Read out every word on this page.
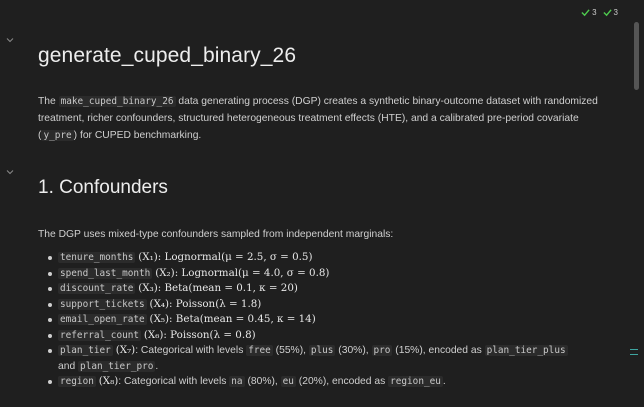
3 3
generate_cuped_binary_26
The make_cuped_binary_26 data generating process (DGP) creates a synthetic binary-outcome dataset with randomized treatment, richer confounders, structured heterogeneous treatment effects (HTE), and a calibrated pre-period covariate ( y_pre ) for CUPED benchmarking.
1. Confounders
The DGP uses mixed-type confounders sampled from independent marginals:
tenure_months (X₁): Lognormal(μ = 2.5, σ = 0.5)
spend_last_month (X₂): Lognormal(μ = 4.0, σ = 0.8)
discount_rate (X₃): Beta(mean = 0.1, κ = 20)
support_tickets (X₄): Poisson(λ = 1.8)
email_open_rate (X₅): Beta(mean = 0.45, κ = 14)
referral_count (X₆): Poisson(λ = 0.8)
plan_tier (X₇): Categorical with levels free (55%), plus (30%), pro (15%), encoded as plan_tier_plus and plan_tier_pro .
region (X₈): Categorical with levels na (80%), eu (20%), encoded as region_eu .
